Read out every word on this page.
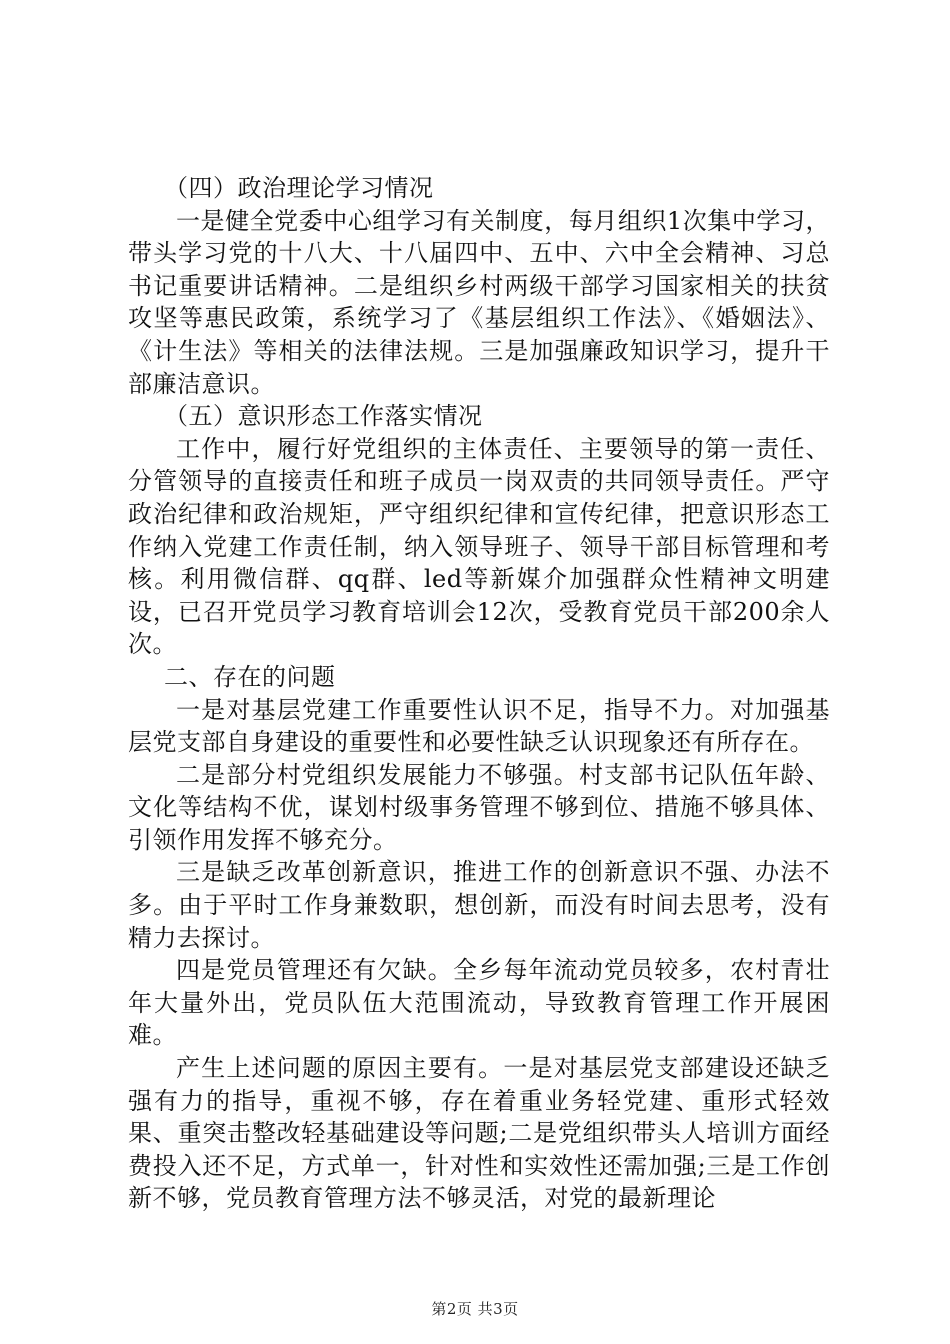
（四）政治理论学习情况

一是健全党委中心组学习有关制度，每月组织1次集中学习，带头学习党的十八大、十八届四中、五中、六中全会精神、习总书记重要讲话精神。二是组织乡村两级干部学习国家相关的扶贫攻坚等惠民政策，系统学习了《基层组织工作法》、《婚姻法》、《计生法》等相关的法律法规。三是加强廉政知识学习，提升干部廉洁意识。

（五）意识形态工作落实情况

工作中，履行好党组织的主体责任、主要领导的第一责任、分管领导的直接责任和班子成员一岗双责的共同领导责任。严守政治纪律和政治规矩，严守组织纪律和宣传纪律，把意识形态工作纳入党建工作责任制，纳入领导班子、领导干部目标管理和考核。利用微信群、qq群、led等新媒介加强群众性精神文明建设，已召开党员学习教育培训会12次，受教育党员干部200余人次。

二、存在的问题

一是对基层党建工作重要性认识不足，指导不力。对加强基层党支部自身建设的重要性和必要性缺乏认识现象还有所存在。

二是部分村党组织发展能力不够强。村支部书记队伍年龄、文化等结构不优，谋划村级事务管理不够到位、措施不够具体、引领作用发挥不够充分。

三是缺乏改革创新意识，推进工作的创新意识不强、办法不多。由于平时工作身兼数职，想创新，而没有时间去思考，没有精力去探讨。

四是党员管理还有欠缺。全乡每年流动党员较多，农村青壮年大量外出，党员队伍大范围流动，导致教育管理工作开展困难。

产生上述问题的原因主要有。一是对基层党支部建设还缺乏强有力的指导，重视不够，存在着重业务轻党建、重形式轻效果、重突击整改轻基础建设等问题;二是党组织带头人培训方面经费投入还不足，方式单一，针对性和实效性还需加强;三是工作创新不够，党员教育管理方法不够灵活，对党的最新理论

第2页 共3页
